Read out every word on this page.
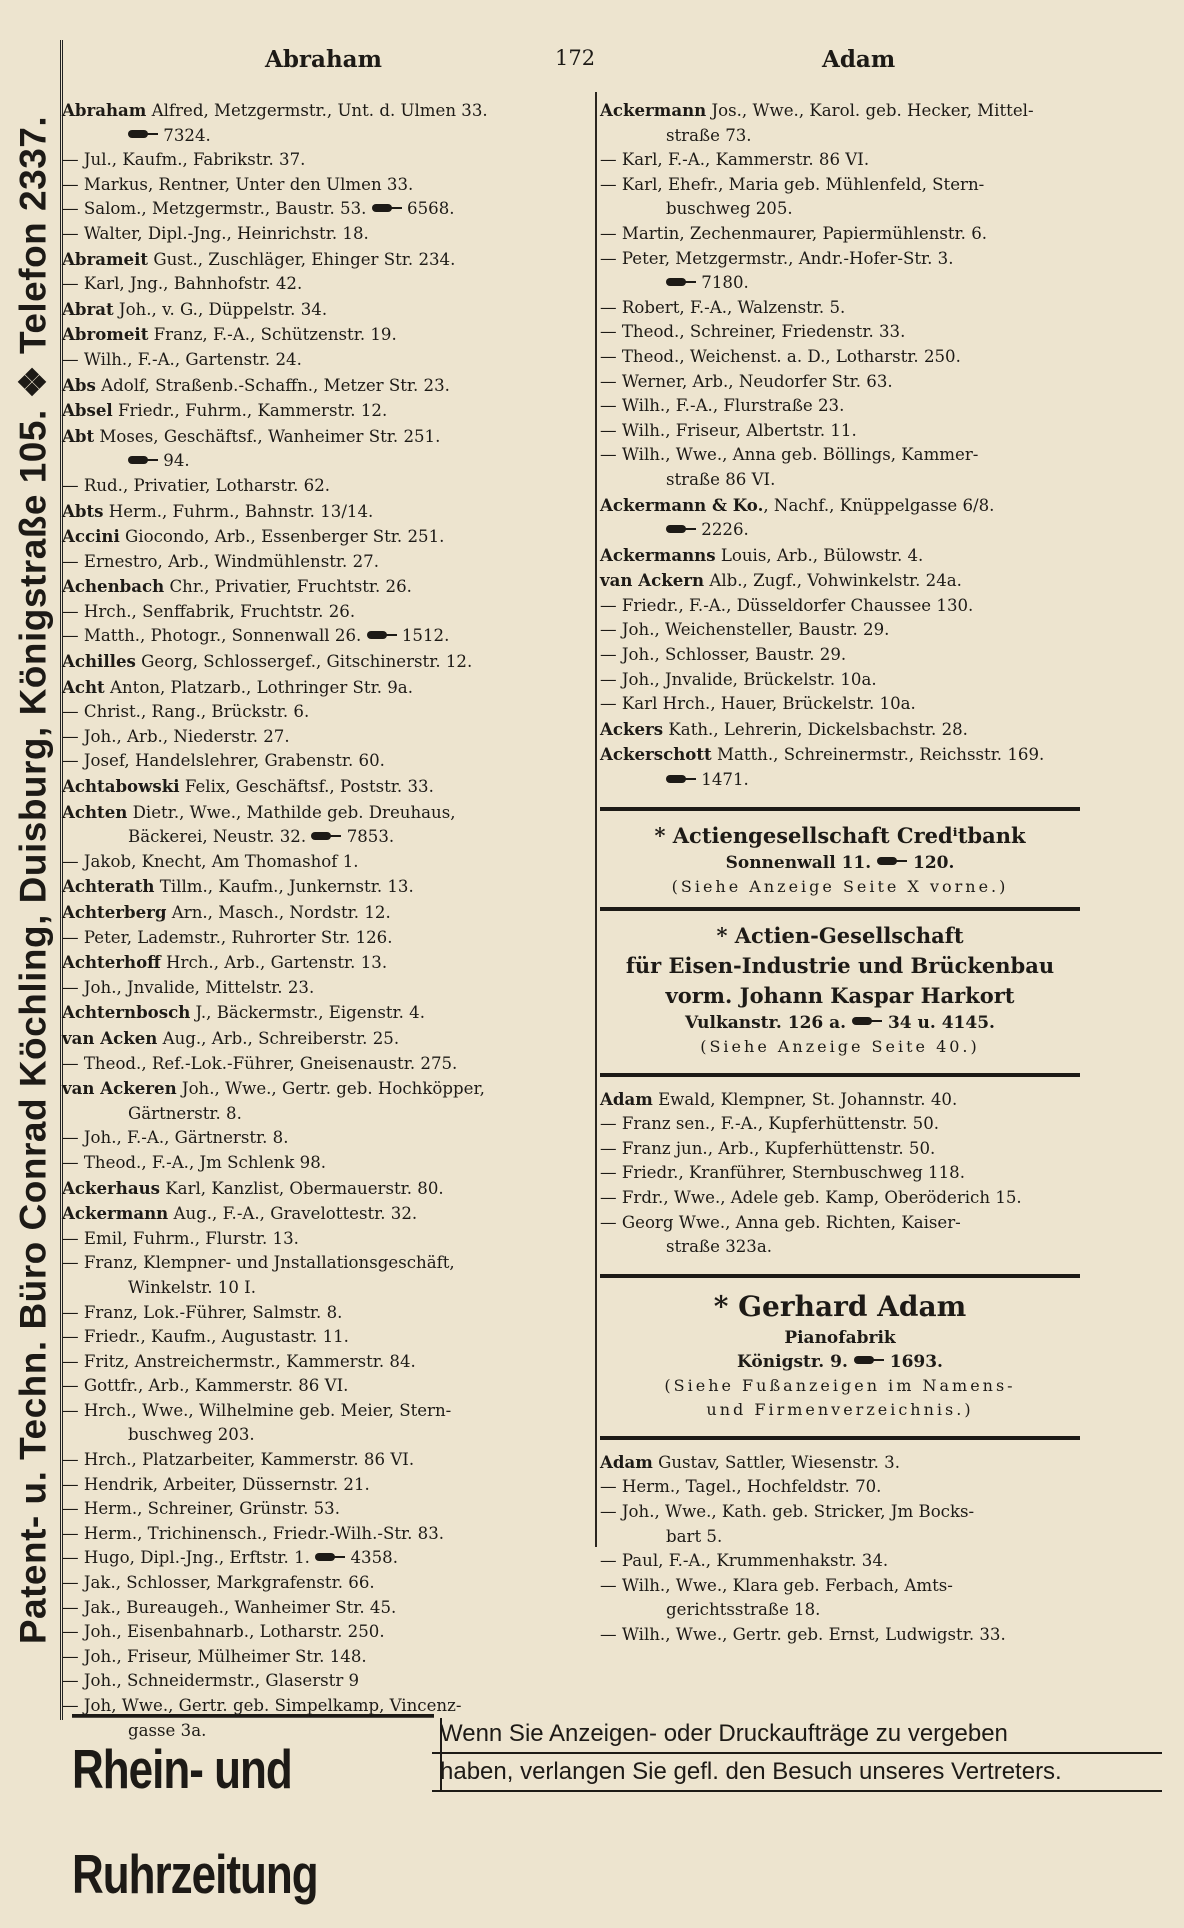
Patent- u. Techn. Büro Conrad Köchling, Duisburg, Königstraße 105. ❖ Telefon 2337.
Abraham	172	Adam
Abraham Alfred, Metzgermstr., Unt. d. Ulmen 33.
7324.
— Jul., Kaufm., Fabrikstr. 37.
— Markus, Rentner, Unter den Ulmen 33.
— Salom., Metzgermstr., Baustr. 53. 6568.
— Walter, Dipl.-Jng., Heinrichstr. 18.
Abrameit Gust., Zuschläger, Ehinger Str. 234.
— Karl, Jng., Bahnhofstr. 42.
Abrat Joh., v. G., Düppelstr. 34.
Abromeit Franz, F.-A., Schützenstr. 19.
— Wilh., F.-A., Gartenstr. 24.
Abs Adolf, Straßenb.-Schaffn., Metzer Str. 23.
Absel Friedr., Fuhrm., Kammerstr. 12.
Abt Moses, Geschäftsf., Wanheimer Str. 251.
94.
— Rud., Privatier, Lotharstr. 62.
Abts Herm., Fuhrm., Bahnstr. 13/14.
Accini Giocondo, Arb., Essenberger Str. 251.
— Ernestro, Arb., Windmühlenstr. 27.
Achenbach Chr., Privatier, Fruchtstr. 26.
— Hrch., Senffabrik, Fruchtstr. 26.
— Matth., Photogr., Sonnenwall 26. 1512.
Achilles Georg, Schlossergef., Gitschinerstr. 12.
Acht Anton, Platzarb., Lothringer Str. 9a.
— Christ., Rang., Brückstr. 6.
— Joh., Arb., Niederstr. 27.
— Josef, Handelslehrer, Grabenstr. 60.
Achtabowski Felix, Geschäftsf., Poststr. 33.
Achten Dietr., Wwe., Mathilde geb. Dreuhaus,
Bäckerei, Neustr. 32. 7853.
— Jakob, Knecht, Am Thomashof 1.
Achterath Tillm., Kaufm., Junkernstr. 13.
Achterberg Arn., Masch., Nordstr. 12.
— Peter, Lademstr., Ruhrorter Str. 126.
Achterhoff Hrch., Arb., Gartenstr. 13.
— Joh., Jnvalide, Mittelstr. 23.
Achternbosch J., Bäckermstr., Eigenstr. 4.
van Acken Aug., Arb., Schreiberstr. 25.
— Theod., Ref.-Lok.-Führer, Gneisenaustr. 275.
van Ackeren Joh., Wwe., Gertr. geb. Hochköpper,
Gärtnerstr. 8.
— Joh., F.-A., Gärtnerstr. 8.
— Theod., F.-A., Jm Schlenk 98.
Ackerhaus Karl, Kanzlist, Obermauerstr. 80.
Ackermann Aug., F.-A., Gravelottestr. 32.
— Emil, Fuhrm., Flurstr. 13.
— Franz, Klempner- und Jnstallationsgeschäft,
Winkelstr. 10 I.
— Franz, Lok.-Führer, Salmstr. 8.
— Friedr., Kaufm., Augustastr. 11.
— Fritz, Anstreichermstr., Kammerstr. 84.
— Gottfr., Arb., Kammerstr. 86 VI.
— Hrch., Wwe., Wilhelmine geb. Meier, Stern-
buschweg 203.
— Hrch., Platzarbeiter, Kammerstr. 86 VI.
— Hendrik, Arbeiter, Düssernstr. 21.
— Herm., Schreiner, Grünstr. 53.
— Herm., Trichinensch., Friedr.-Wilh.-Str. 83.
— Hugo, Dipl.-Jng., Erftstr. 1. 4358.
— Jak., Schlosser, Markgrafenstr. 66.
— Jak., Bureaugeh., Wanheimer Str. 45.
— Joh., Eisenbahnarb., Lotharstr. 250.
— Joh., Friseur, Mülheimer Str. 148.
— Joh., Schneidermstr., Glaserstr 9
— Joh, Wwe., Gertr. geb. Simpelkamp, Vincenz-
gasse 3a.
Ackermann Jos., Wwe., Karol. geb. Hecker, Mittel-
straße 73.
— Karl, F.-A., Kammerstr. 86 VI.
— Karl, Ehefr., Maria geb. Mühlenfeld, Stern-
buschweg 205.
— Martin, Zechenmaurer, Papiermühlenstr. 6.
— Peter, Metzgermstr., Andr.-Hofer-Str. 3.
7180.
— Robert, F.-A., Walzenstr. 5.
— Theod., Schreiner, Friedenstr. 33.
— Theod., Weichenst. a. D., Lotharstr. 250.
— Werner, Arb., Neudorfer Str. 63.
— Wilh., F.-A., Flurstraße 23.
— Wilh., Friseur, Albertstr. 11.
— Wilh., Wwe., Anna geb. Böllings, Kammer-
straße 86 VI.
Ackermann & Ko., Nachf., Knüppelgasse 6/8.
2226.
Ackermanns Louis, Arb., Bülowstr. 4.
van Ackern Alb., Zugf., Vohwinkelstr. 24a.
— Friedr., F.-A., Düsseldorfer Chaussee 130.
— Joh., Weichensteller, Baustr. 29.
— Joh., Schlosser, Baustr. 29.
— Joh., Jnvalide, Brückelstr. 10a.
— Karl Hrch., Hauer, Brückelstr. 10a.
Ackers Kath., Lehrerin, Dickelsbachstr. 28.
Ackerschott Matth., Schreinermstr., Reichsstr. 169.
1471.
* Actiengesellschaft Credⁱtbank
Sonnenwall 11. 120.
(Siehe Anzeige Seite X vorne.)
* Actien-Gesellschaft
für Eisen-Industrie und Brückenbau
vorm. Johann Kaspar Harkort
Vulkanstr. 126 a. 34 u. 4145.
(Siehe Anzeige Seite 40.)
Adam Ewald, Klempner, St. Johannstr. 40.
— Franz sen., F.-A., Kupferhüttenstr. 50.
— Franz jun., Arb., Kupferhüttenstr. 50.
— Friedr., Kranführer, Sternbuschweg 118.
— Frdr., Wwe., Adele geb. Kamp, Oberöderich 15.
— Georg Wwe., Anna geb. Richten, Kaiser-
straße 323a.
* Gerhard Adam
Pianofabrik
Königstr. 9. 1693.
(Siehe Fußanzeigen im Namens-
und Firmenverzeichnis.)
Adam Gustav, Sattler, Wiesenstr. 3.
— Herm., Tagel., Hochfeldstr. 70.
— Joh., Wwe., Kath. geb. Stricker, Jm Bocks-
bart 5.
— Paul, F.-A., Krummenhakstr. 34.
— Wilh., Wwe., Klara geb. Ferbach, Amts-
gerichtsstraße 18.
— Wilh., Wwe., Gertr. geb. Ernst, Ludwigstr. 33.
Rhein- und Ruhrzeitung
Wenn Sie Anzeigen- oder Druckaufträge zu vergeben
haben, verlangen Sie gefl. den Besuch unseres Vertreters.
